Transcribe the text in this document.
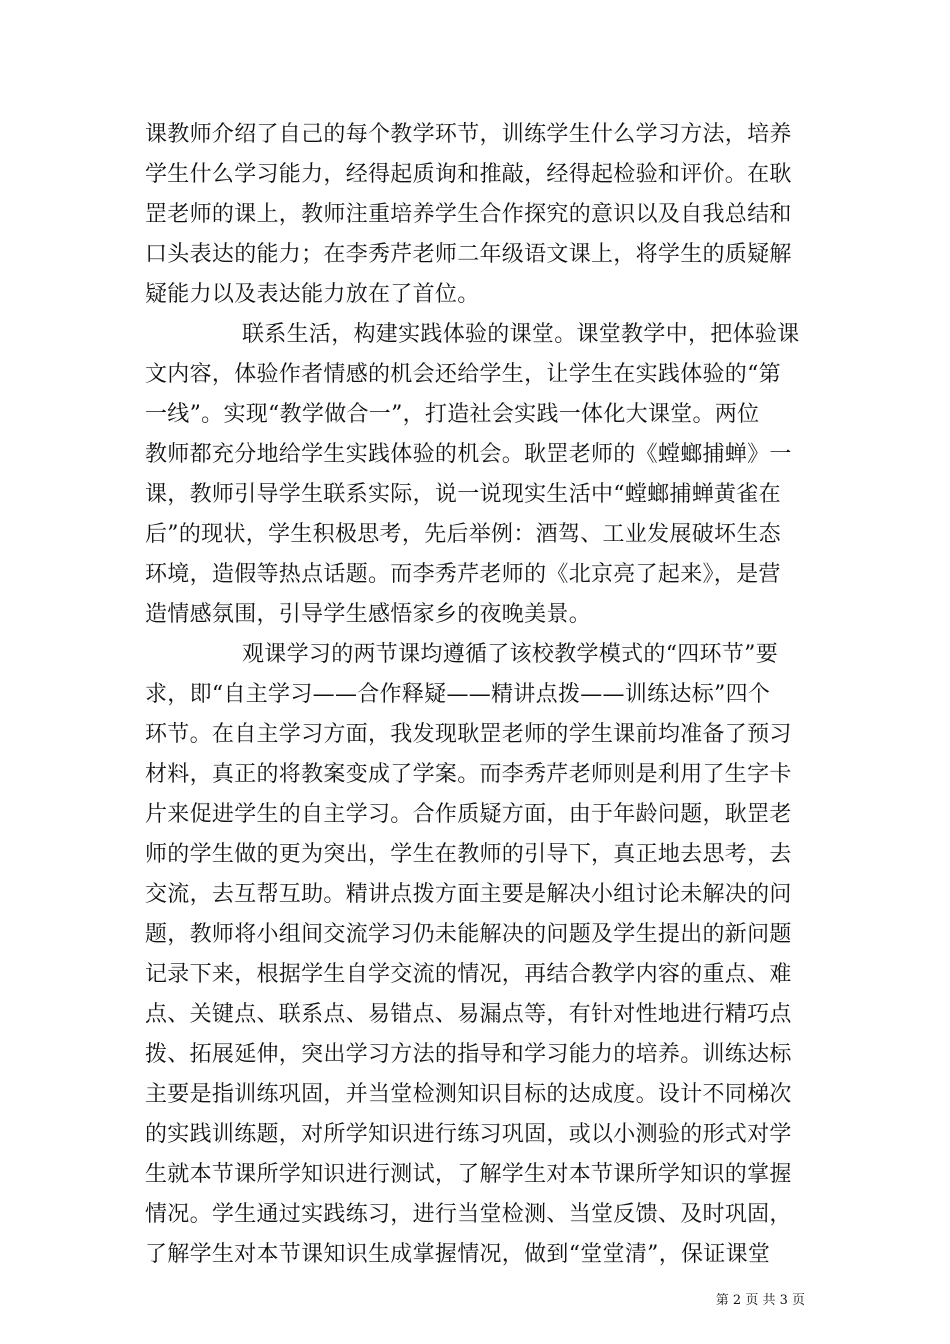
课教师介绍了自己的每个教学环节，训练学生什么学习方法，培养
学生什么学习能力，经得起质询和推敲，经得起检验和评价。在耿
罡老师的课上，教师注重培养学生合作探究的意识以及自我总结和
口头表达的能力；在李秀芹老师二年级语文课上，将学生的质疑解
疑能力以及表达能力放在了首位。
联系生活，构建实践体验的课堂。课堂教学中，把体验课
文内容，体验作者情感的机会还给学生，让学生在实践体验的“第
一线”。实现“教学做合一”，打造社会实践一体化大课堂。两位
教师都充分地给学生实践体验的机会。耿罡老师的《螳螂捕蝉》一
课，教师引导学生联系实际，说一说现实生活中“螳螂捕蝉黄雀在
后”的现状，学生积极思考，先后举例：酒驾、工业发展破坏生态
环境，造假等热点话题。而李秀芹老师的《北京亮了起来》，是营
造情感氛围，引导学生感悟家乡的夜晚美景。
观课学习的两节课均遵循了该校教学模式的“四环节”要
求，即“自主学习——合作释疑——精讲点拨——训练达标”四个
环节。在自主学习方面，我发现耿罡老师的学生课前均准备了预习
材料，真正的将教案变成了学案。而李秀芹老师则是利用了生字卡
片来促进学生的自主学习。合作质疑方面，由于年龄问题，耿罡老
师的学生做的更为突出，学生在教师的引导下，真正地去思考，去
交流，去互帮互助。精讲点拨方面主要是解决小组讨论未解决的问
题，教师将小组间交流学习仍未能解决的问题及学生提出的新问题
记录下来，根据学生自学交流的情况，再结合教学内容的重点、难
点、关键点、联系点、易错点、易漏点等，有针对性地进行精巧点
拨、拓展延伸，突出学习方法的指导和学习能力的培养。训练达标
主要是指训练巩固，并当堂检测知识目标的达成度。设计不同梯次
的实践训练题，对所学知识进行练习巩固，或以小测验的形式对学
生就本节课所学知识进行测试，了解学生对本节课所学知识的掌握
情况。学生通过实践练习，进行当堂检测、当堂反馈、及时巩固，
了解学生对本节课知识生成掌握情况，做到“堂堂清”，保证课堂
第 2 页 共 3 页
